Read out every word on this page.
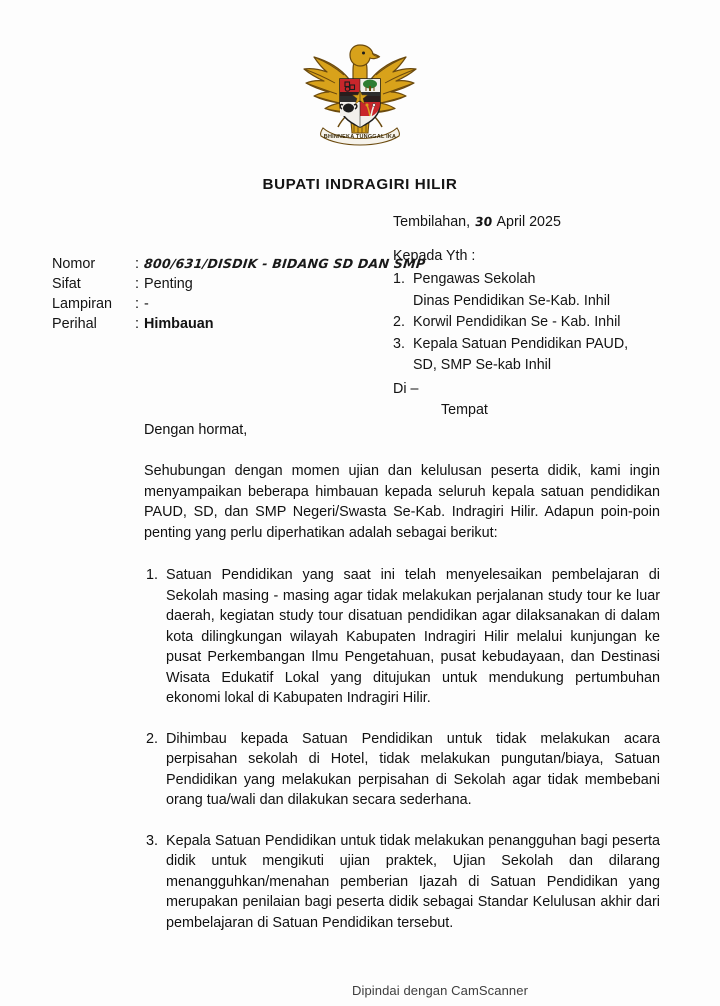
BHINNEKA TUNGGAL IKA
BUPATI INDRAGIRI HILIR
Nomor	: 800/631/DISDIK - BIDANG SD DAN SMP
Sifat	: Penting
Lampiran	: -
Perihal	: Himbauan
Tembilahan, 30 April 2025
Kepada Yth :
1. Pengawas Sekolah
Dinas Pendidikan Se-Kab. Inhil
2. Korwil Pendidikan Se - Kab. Inhil
3. Kepala Satuan Pendidikan PAUD,
SD, SMP Se-kab Inhil
Di –
Tempat
Dengan hormat,
Sehubungan dengan momen ujian dan kelulusan peserta didik, kami ingin menyampaikan beberapa himbauan kepada seluruh kepala satuan pendidikan PAUD, SD, dan SMP Negeri/Swasta Se-Kab. Indragiri Hilir. Adapun poin-poin penting yang perlu diperhatikan adalah sebagai berikut:
1. Satuan Pendidikan yang saat ini telah menyelesaikan pembelajaran di Sekolah masing - masing agar tidak melakukan perjalanan study tour ke luar daerah, kegiatan study tour disatuan pendidikan agar dilaksanakan di dalam kota dilingkungan wilayah Kabupaten Indragiri Hilir melalui kunjungan ke pusat Perkembangan Ilmu Pengetahuan, pusat kebudayaan, dan Destinasi Wisata Edukatif Lokal yang ditujukan untuk mendukung pertumbuhan ekonomi lokal di Kabupaten Indragiri Hilir.
2. Dihimbau kepada Satuan Pendidikan untuk tidak melakukan acara perpisahan sekolah di Hotel, tidak melakukan pungutan/biaya, Satuan Pendidikan yang melakukan perpisahan di Sekolah agar tidak membebani orang tua/wali dan dilakukan secara sederhana.
3. Kepala Satuan Pendidikan untuk tidak melakukan penangguhan bagi peserta didik untuk mengikuti ujian praktek, Ujian Sekolah dan dilarang menangguhkan/menahan pemberian Ijazah di Satuan Pendidikan yang merupakan penilaian bagi peserta didik sebagai Standar Kelulusan akhir dari pembelajaran di Satuan Pendidikan tersebut.
Dipindai dengan CamScanner
